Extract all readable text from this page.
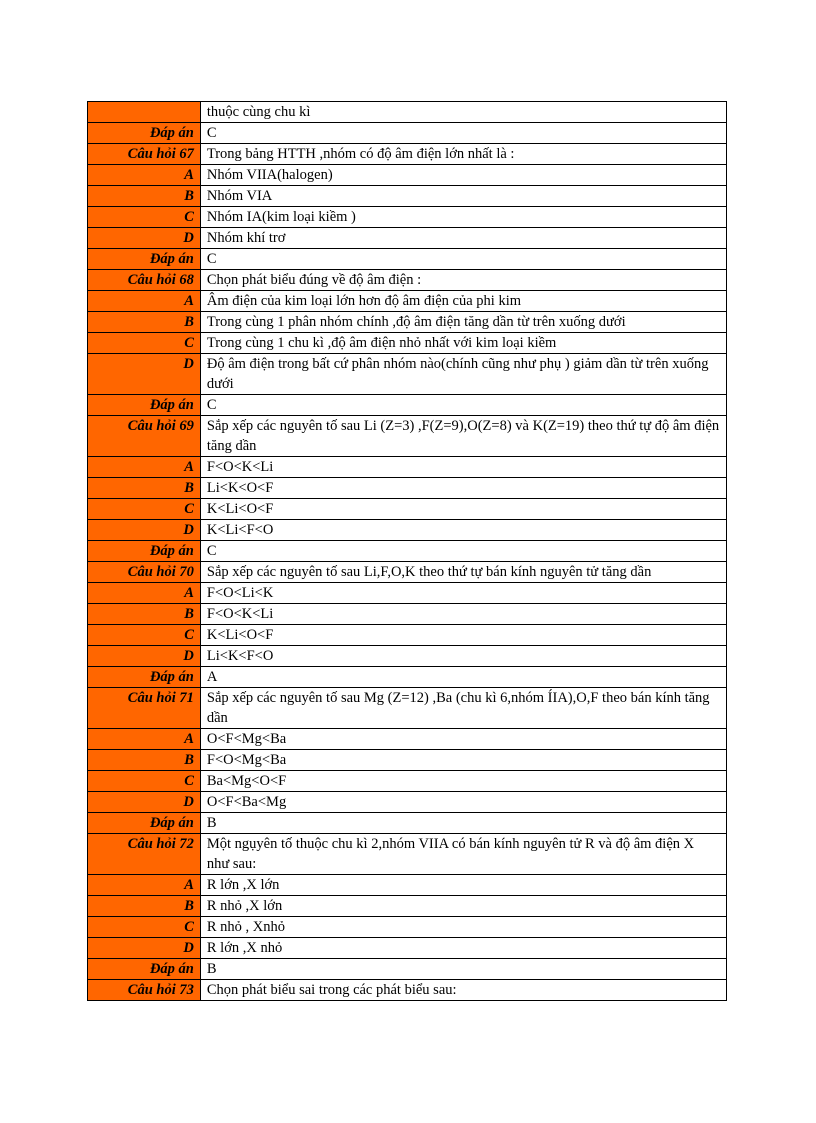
	thuộc cùng chu kì
Đáp án	C
Câu hỏi 67	Trong bảng HTTH ,nhóm có độ âm điện lớn nhất là :
A	Nhóm VIIA(halogen)
B	Nhóm VIA
C	Nhóm IA(kim loại kiềm )
D	Nhóm khí trơ
Đáp án	C
Câu hỏi 68	Chọn phát biểu đúng về độ âm điện :
A	Âm điện của kim loại lớn hơn độ âm điện của phi kim
B	Trong cùng 1 phân nhóm chính ,độ âm điện tăng dần từ trên xuống dưới
C	Trong cùng 1 chu kì ,độ âm điện nhỏ nhất với kim loại kiềm
D	Độ âm điện trong bất cứ phân nhóm nào(chính cũng như phụ ) giảm dần từ trên xuống dưới
Đáp án	C
Câu hỏi 69	Sắp xếp các nguyên tố sau Li (Z=3) ,F(Z=9),O(Z=8) và K(Z=19) theo thứ tự độ âm điện tăng dần
A	F<O<K<Li
B	Li<K<O<F
C	K<Li<O<F
D	K<Li<F<O
Đáp án	C
Câu hỏi 70	Sắp xếp các nguyên tố sau Li,F,O,K theo thứ tự bán kính nguyên tử tăng dần
A	F<O<Li<K
B	F<O<K<Li
C	K<Li<O<F
D	Li<K<F<O
Đáp án	A
Câu hỏi 71	Sắp xếp các nguyên tố sau Mg (Z=12) ,Ba (chu kì 6,nhóm ÍIA),O,F theo bán kính tăng dần
A	O<F<Mg<Ba
B	F<O<Mg<Ba
C	Ba<Mg<O<F
D	O<F<Ba<Mg
Đáp án	B
Câu hỏi 72	Một ngụyên tố thuộc chu kì 2,nhóm VIIA có bán kính nguyên tử R và độ âm điện X như sau:
A	R lớn ,X lớn
B	R nhỏ ,X lớn
C	R nhỏ , Xnhỏ
D	R lớn ,X nhỏ
Đáp án	B
Câu hỏi 73	Chọn phát biểu sai trong các phát biểu sau:
